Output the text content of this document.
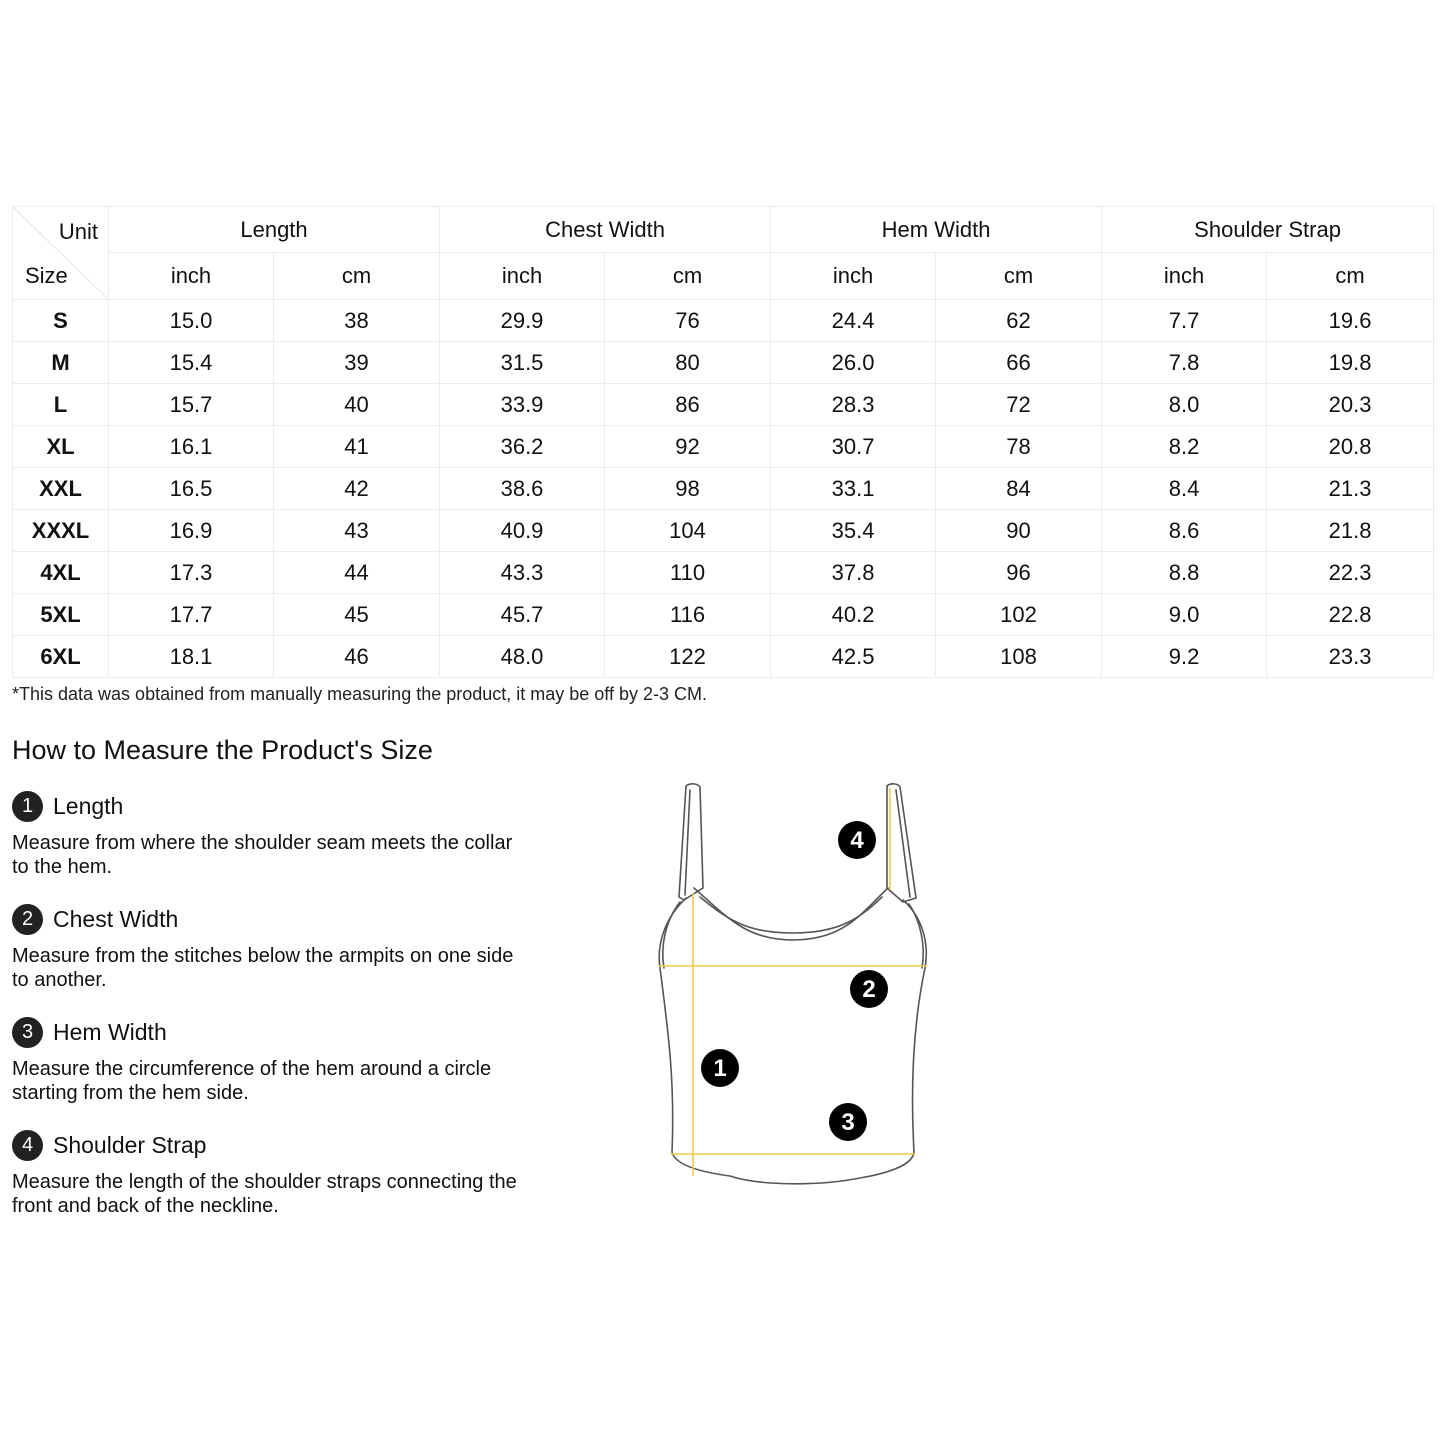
Unit
Size	Length		Chest Width		Hem Width		Shoulder Strap	
	inch	cm	inch	cm	inch	cm	inch	cm
S	15.0	38	29.9	76	24.4	62	7.7	19.6
M	15.4	39	31.5	80	26.0	66	7.8	19.8
L	15.7	40	33.9	86	28.3	72	8.0	20.3
XL	16.1	41	36.2	92	30.7	78	8.2	20.8
XXL	16.5	42	38.6	98	33.1	84	8.4	21.3
XXXL	16.9	43	40.9	104	35.4	90	8.6	21.8
4XL	17.3	44	43.3	110	37.8	96	8.8	22.3
5XL	17.7	45	45.7	116	40.2	102	9.0	22.8
6XL	18.1	46	48.0	122	42.5	108	9.2	23.3
*This data was obtained from manually measuring the product, it may be off by 2-3 CM.
How to Measure the Product's Size
1 Length
Measure from where the shoulder seam meets the collar to the hem.
2 Chest Width
Measure from the stitches below the armpits on one side to another.
3 Hem Width
Measure the circumference of the hem around a circle starting from the hem side.
4 Shoulder Strap
Measure the length of the shoulder straps connecting the front and back of the neckline.
1
2
3
4
